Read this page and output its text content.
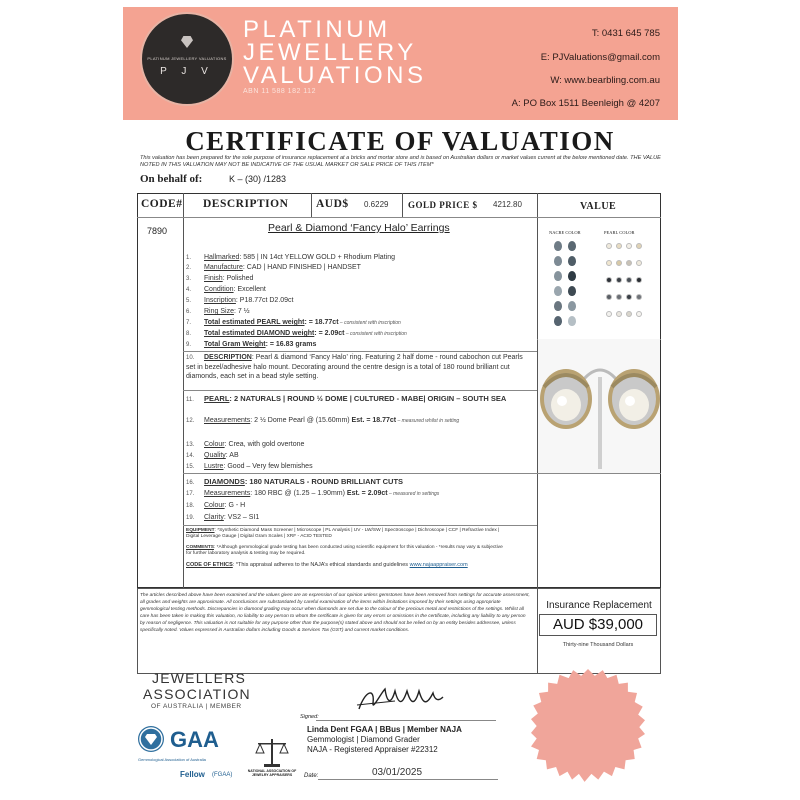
PLATINUM JEWELLERY VALUATIONS
P J V
PLATINUM
JEWELLERY
VALUATIONS
ABN 11 588 182 112
T: 0431 645 785
E: PJValuations@gmail.com
W: www.bearbling.com.au
A: PO Box 1511 Beenleigh @ 4207
CERTIFICATE OF VALUATION
This valuation has been prepared for the sole purpose of insurance replacement at a bricks and mortar store and is based on Australian dollars or market values current at the below mentioned date. THE VALUE NOTED IN THIS VALUATION MAY NOT BE INDICATIVE OF THE USUAL MARKET OR SALE PRICE OF THIS ITEM*
On behalf of:	K – (30) /1283
CODE# DESCRIPTION AUD$ 0.6229 GOLD PRICE $ 4212.80	VALUE
7890	Pearl & Diamond ‘Fancy Halo’ Earrings
1. Hallmarked: 585 | IN 14ct YELLOW GOLD + Rhodium Plating
2. Manufacture: CAD | HAND FINISHED | HANDSET
3. Finish: Polished
4. Condition: Excellent
5. Inscription: P18.77ct D2.09ct
6. Ring Size: 7 ½
7. Total estimated PEARL weight: = 18.77ct – consistent with inscription
8. Total estimated DIAMOND weight: = 2.09ct – consistent with inscription
9. Total Gram Weight: = 16.83 grams
10. DESCRIPTION: Pearl & diamond ‘Fancy Halo’ ring. Featuring 2 half dome - round cabochon cut Pearls set in bezel/adhesive halo mount. Decorating around the centre design is a total of 180 round brilliant cut diamonds, each set in a bead style setting.
11. PEARL: 2 NATURALS | ROUND ½ DOME | CULTURED - MABE| ORIGIN – SOUTH SEA
12. Measurements: 2 ½ Dome Pearl @ (15.60mm) Est. = 18.77ct – measured whilst in setting
13. Colour: Crea, with gold overtone
14. Quality: AB
15. Lustre: Good – Very few blemishes
16. DIAMONDS: 180 NATURALS - ROUND BRILLIANT CUTS
17. Measurements: 180 RBC @ (1.25 – 1.90mm) Est. = 2.09ct – measured in settings
18. Colour: G - H
19. Clarity: VS2 – SI1
EQUIPMENT: *Synthetic Diamond Mass Screener | Microscope | PL Analysis | UV - LW/SW | Spectroscope | Dichroscope | CCF | Refractive Index | Digital Leverage Gauge | Digital Gram Scales | XRF - ACID TESTED
COMMENTS: *Although gemmological grade testing has been conducted using scientific equipment for this valuation - *results may vary & subjective for further laboratory analysis & testing may be required.
CODE OF ETHICS: *This appraisal adheres to the NAJA’s ethical standards and guidelines www.najaappraiser.com
NACRE COLOR	PEARL COLOR
The articles described above have been examined and the values given are an expression of our opinion unless gemstones have been removed from settings for accurate assessment, all grades and weights are approximate. All conclusions are substantiated by careful examination of the items within limitations imposed by their settings using appropriate gemmological testing methods. Discrepancies in diamond grading may occur when diamonds are set due to the colour of the precious metal and restrictions of the settings. Whilst all care has been taken in making this valuation, no liability to any person to whom the certificate is given for any errors or omissions in the certificate, including any liability to any person by reason of negligence. This valuation is not suitable for any purpose other than the purpose(s) stated above and should not be relied on by an entity besides addressee, unless specifically noted. Values expressed in Australian dollars including Goods & Services Tax (GST) and current market conditions.
Insurance Replacement
AUD $39,000
Thirty-nine Thousand Dollars
JEWELLERS
ASSOCIATION
OF AUSTRALIA | MEMBER
GAA
Gemmological Association of Australia
Fellow (FGAA)
NATIONAL ASSOCIATION OF JEWELRY APPRAISERS
Signed:
Linda Dent FGAA | BBus | Member NAJA
Gemmologist | Diamond Grader
NAJA - Registered Appraiser #22312
Date:	03/01/2025
